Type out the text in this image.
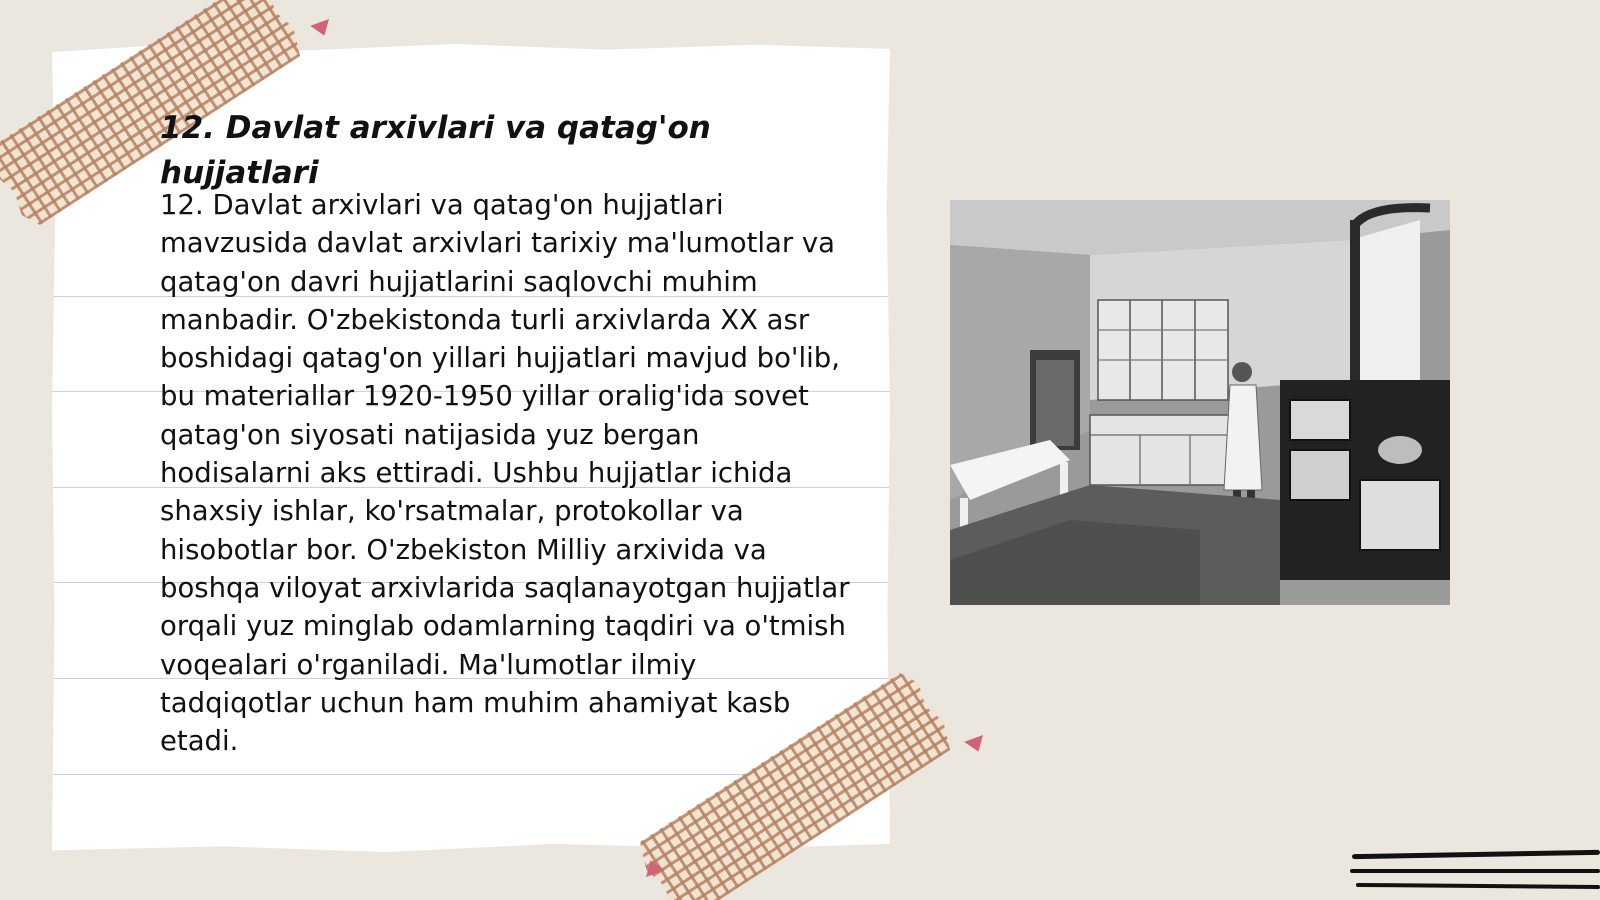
12. Davlat arxivlari va qatag'on hujjatlari

12. Davlat arxivlari va qatag'on hujjatlari mavzusida davlat arxivlari tarixiy ma'lumotlar va qatag'on davri hujjatlarini saqlovchi muhim manbadir. O'zbekistonda turli arxivlarda XX asr boshidagi qatag'on yillari hujjatlari mavjud bo'lib, bu materiallar 1920-1950 yillar oralig'ida sovet qatag'on siyosati natijasida yuz bergan hodisalarni aks ettiradi. Ushbu hujjatlar ichida shaxsiy ishlar, ko'rsatmalar, protokollar va hisobotlar bor. O'zbekiston Milliy arxivida va boshqa viloyat arxivlarida saqlanayotgan hujjatlar orqali yuz minglab odamlarning taqdiri va o'tmish voqealari o'rganiladi. Ma'lumotlar ilmiy tadqiqotlar uchun ham muhim ahamiyat kasb etadi.
